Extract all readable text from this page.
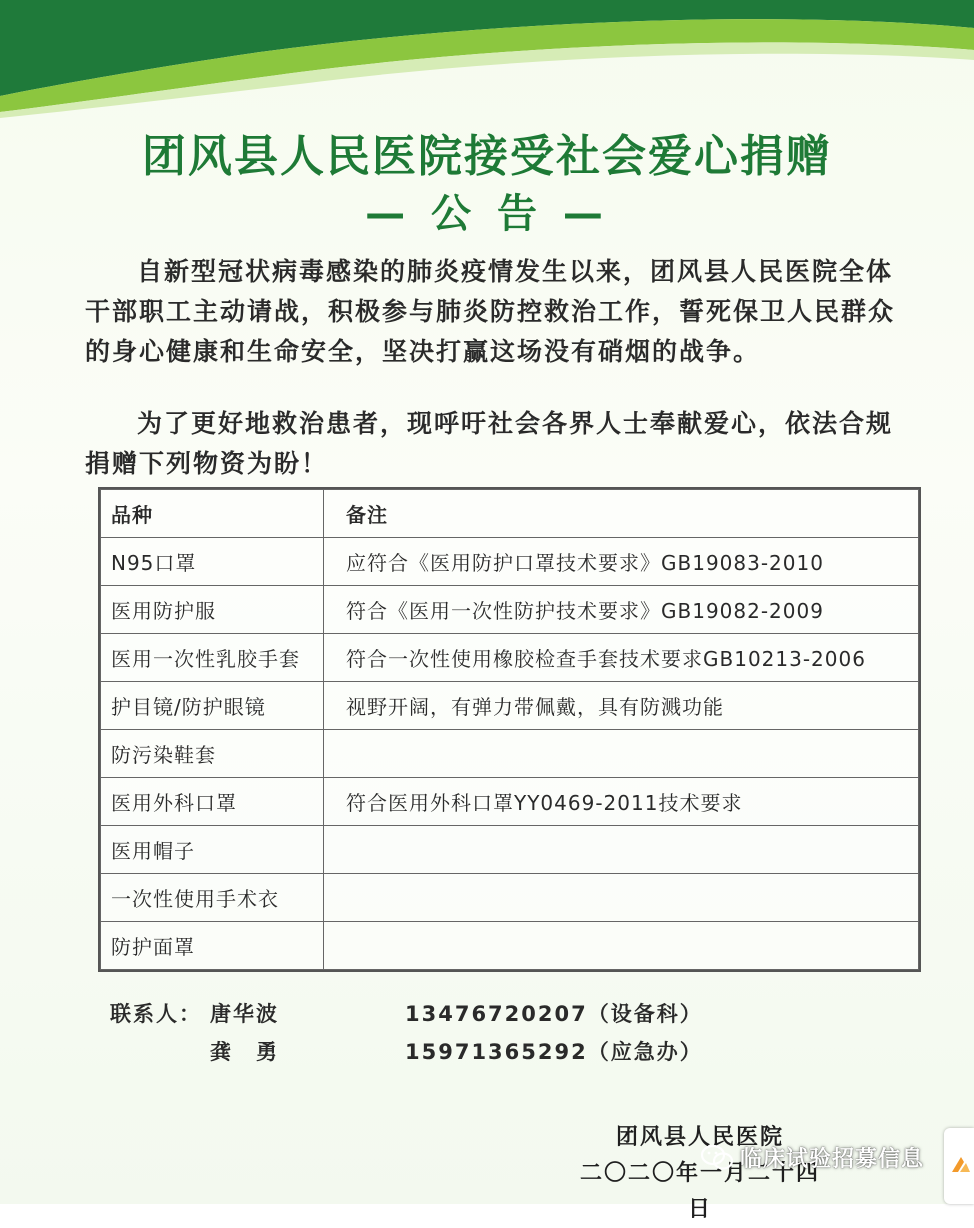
团风县人民医院接受社会爱心捐赠
— 公 告 —
自新型冠状病毒感染的肺炎疫情发生以来，团风县人民医院全体干部职工主动请战，积极参与肺炎防控救治工作，誓死保卫人民群众的身心健康和生命安全，坚决打赢这场没有硝烟的战争。
为了更好地救治患者，现呼吁社会各界人士奉献爱心，依法合规捐赠下列物资为盼！
品种	备注
N95口罩	应符合《医用防护口罩技术要求》GB19083-2010
医用防护服	符合《医用一次性防护技术要求》GB19082-2009
医用一次性乳胶手套	符合一次性使用橡胶检查手套技术要求GB10213-2006
护目镜/防护眼镜	视野开阔，有弹力带佩戴，具有防溅功能
防污染鞋套	
医用外科口罩	符合医用外科口罩YY0469-2011技术要求
医用帽子	
一次性使用手术衣	
防护面罩	
联系人： 唐华波	13476720207（设备科）
龚　勇	15971365292（应急办）
团风县人民医院
二〇二〇年一月二十四日
临床试验招募信息
